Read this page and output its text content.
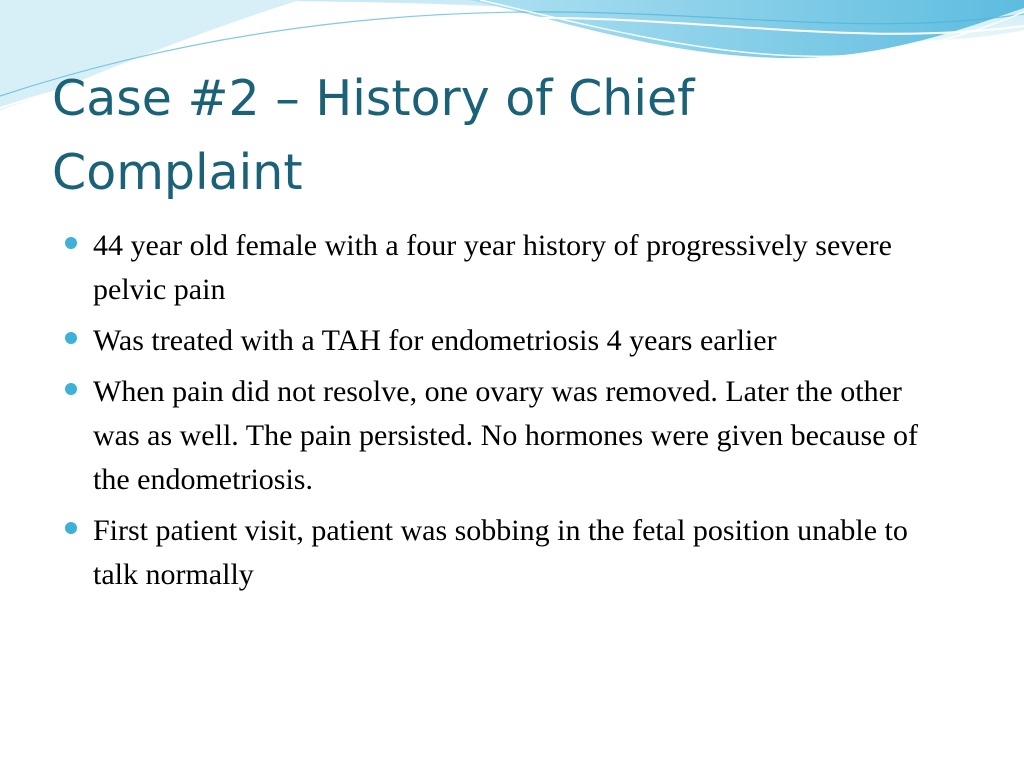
Case #2 – History of Chief
Complaint
44 year old female with a four year history of progressively severe pelvic pain
Was treated with a TAH for endometriosis 4 years earlier
When pain did not resolve, one ovary was removed. Later the other was as well. The pain persisted. No hormones were given because of the endometriosis.
First patient visit, patient was sobbing in the fetal position unable to talk normally
